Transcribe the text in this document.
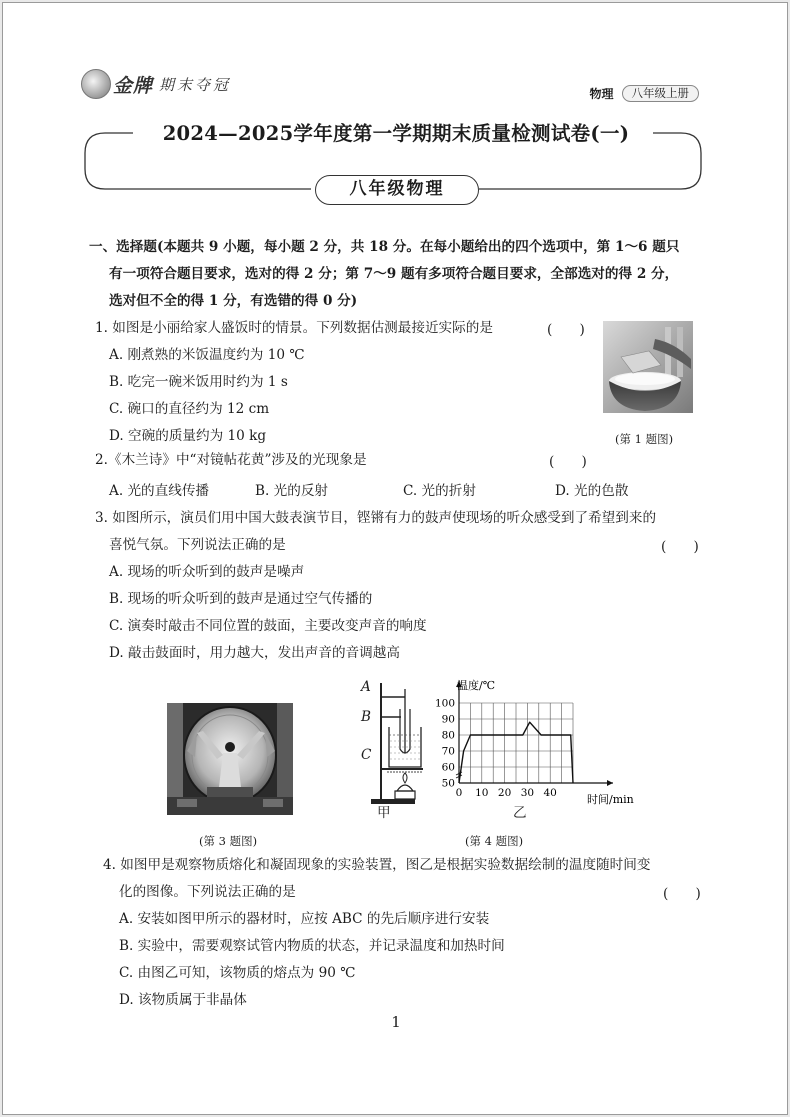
金牌 期末夺冠
物理	八年级上册
2024—2025学年度第一学期期末质量检测试卷(一)
八年级物理
一、选择题(本题共 9 小题，每小题 2 分，共 18 分。在每小题给出的四个选项中，第 1～6 题只
有一项符合题目要求，选对的得 2 分；第 7～9 题有多项符合题目要求，全部选对的得 2 分，
选对但不全的得 1 分，有选错的得 0 分)
1. 如图是小丽给家人盛饭时的情景。下列数据估测最接近实际的是	(　　)
A. 刚煮熟的米饭温度约为 10 ℃
B. 吃完一碗米饭用时约为 1 s
C. 碗口的直径约为 12 cm
D. 空碗的质量约为 10 kg	(第 1 题图)
2.《木兰诗》中“对镜帖花黄”涉及的光现象是	(　　)
A. 光的直线传播	B. 光的反射	C. 光的折射	D. 光的色散
3. 如图所示，演员们用中国大鼓表演节目，铿锵有力的鼓声使现场的听众感受到了希望到来的
喜悦气氛。下列说法正确的是	(　　)
A. 现场的听众听到的鼓声是噪声
B. 现场的听众听到的鼓声是通过空气传播的
C. 演奏时敲击不同位置的鼓面，主要改变声音的响度
D. 敲击鼓面时，用力越大，发出声音的音调越高
(第 3 题图)
A
B
C
甲
0 10 20 30 40
50
60
70
80
90
100
温度/℃
时间/min
乙
(第 4 题图)
4. 如图甲是观察物质熔化和凝固现象的实验装置，图乙是根据实验数据绘制的温度随时间变
化的图像。下列说法正确的是	(　　)
A. 安装如图甲所示的器材时，应按 ABC 的先后顺序进行安装
B. 实验中，需要观察试管内物质的状态，并记录温度和加热时间
C. 由图乙可知，该物质的熔点为 90 ℃
D. 该物质属于非晶体
1
